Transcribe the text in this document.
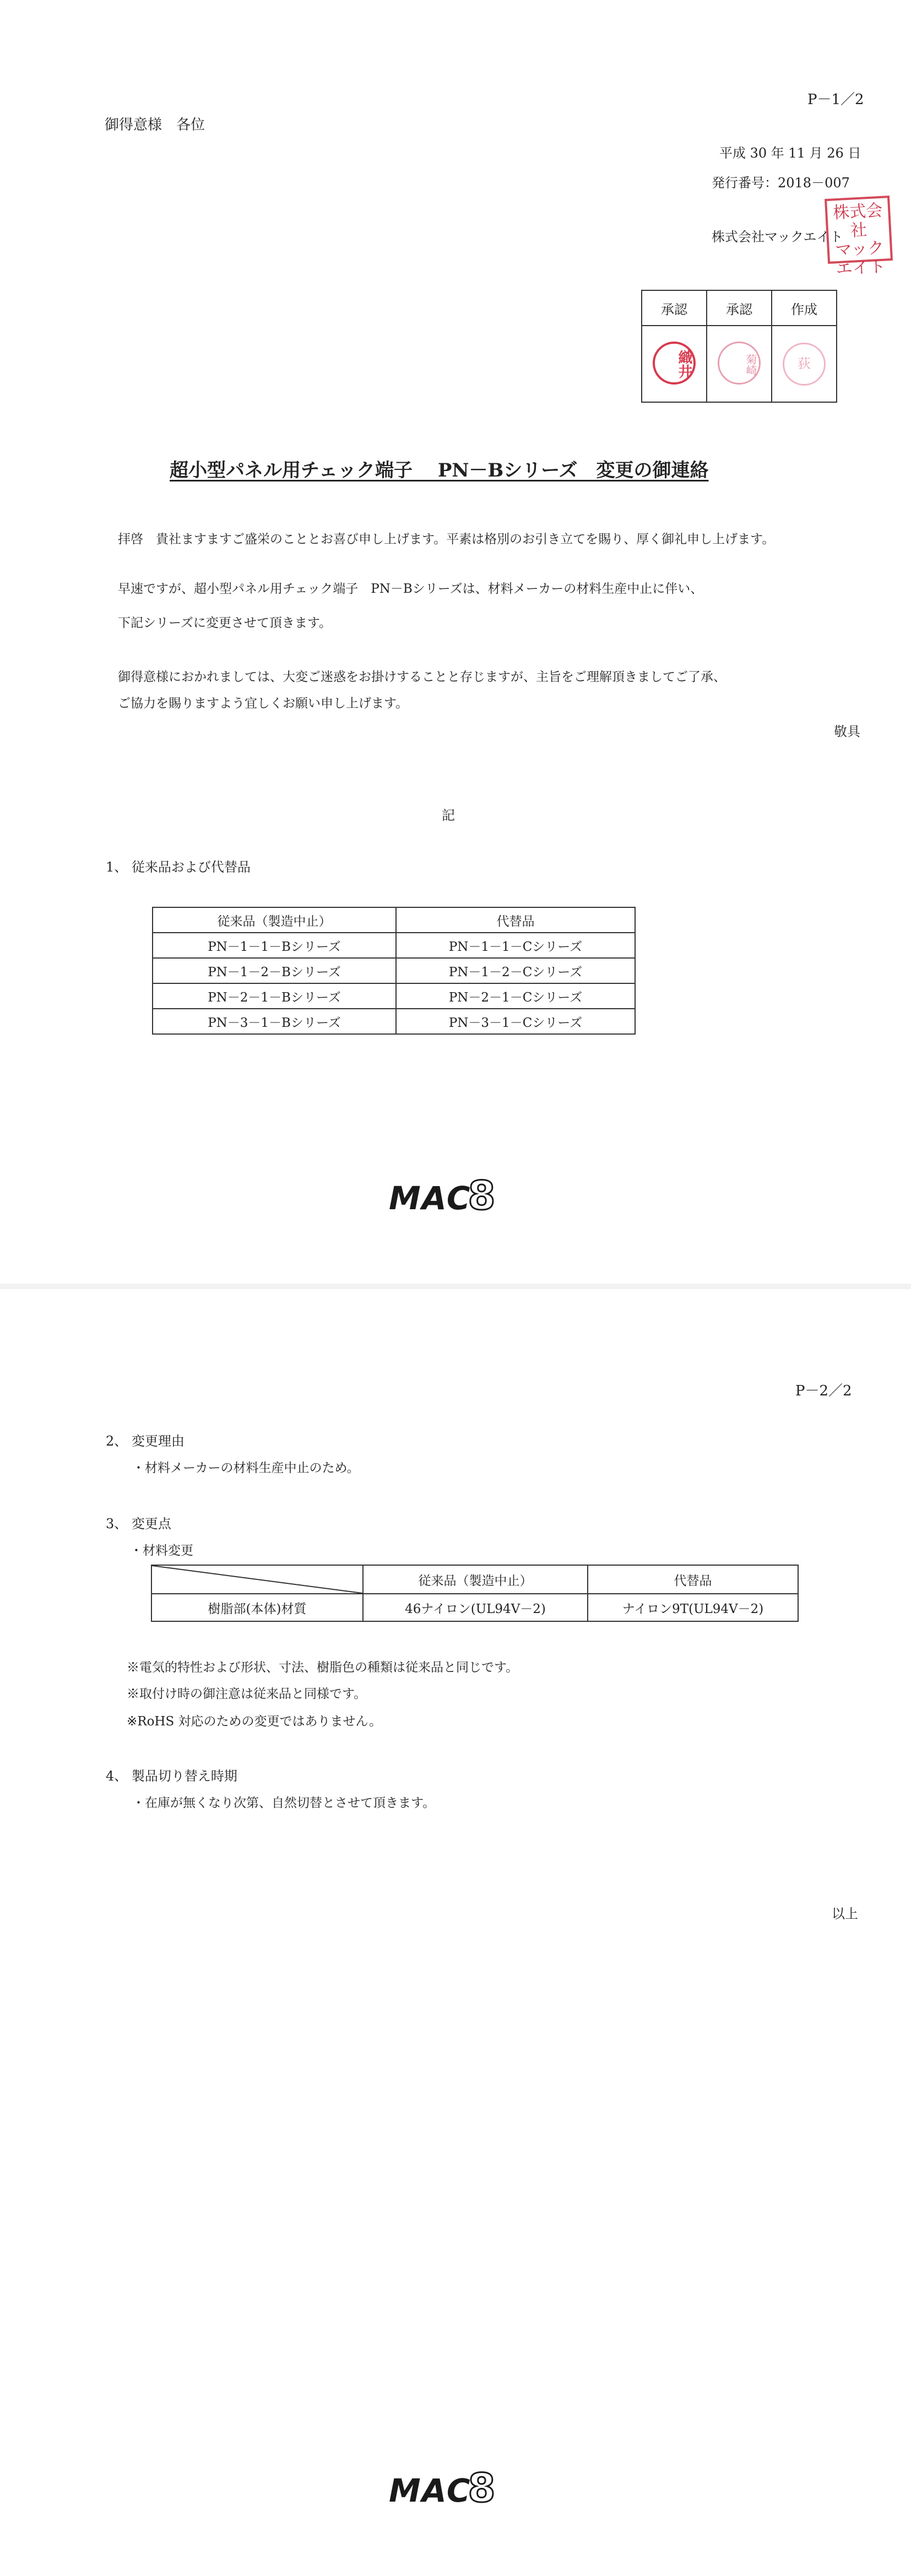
P－1／2
御得意様　各位
平成 30 年 11 月 26 日
発行番号：2018－007
株式会社マックエイト
株式会社
マック
エイト
承認	承認	作成
織井	菊崎	荻
超小型パネル用チェック端子　 PN－Bシリーズ　変更の御連絡
拝啓　貴社ますますご盛栄のこととお喜び申し上げます。平素は格別のお引き立てを賜り、厚く御礼申し上げます。
早速ですが、超小型パネル用チェック端子　PN－Bシリーズは、材料メーカーの材料生産中止に伴い、
下記シリーズに変更させて頂きます。
御得意様におかれましては、大変ご迷惑をお掛けすることと存じますが、主旨をご理解頂きましてご了承、
ご協力を賜りますよう宜しくお願い申し上げます。
敬具
記
1、 従来品および代替品
従来品（製造中止）	代替品
PN－1－1－Bシリーズ	PN－1－1－Cシリーズ
PN－1－2－Bシリーズ	PN－1－2－Cシリーズ
PN－2－1－Bシリーズ	PN－2－1－Cシリーズ
PN－3－1－Bシリーズ	PN－3－1－Cシリーズ
MAC8
P－2／2
2、 変更理由
・材料メーカーの材料生産中止のため。
3、 変更点
・材料変更
	従来品（製造中止）	代替品
樹脂部(本体)材質	46ナイロン(UL94V－2)	ナイロン9T(UL94V－2)
※電気的特性および形状、寸法、樹脂色の種類は従来品と同じです。
※取付け時の御注意は従来品と同様です。
※RoHS 対応のための変更ではありません。
4、 製品切り替え時期
・在庫が無くなり次第、自然切替とさせて頂きます。
以上
MAC8
